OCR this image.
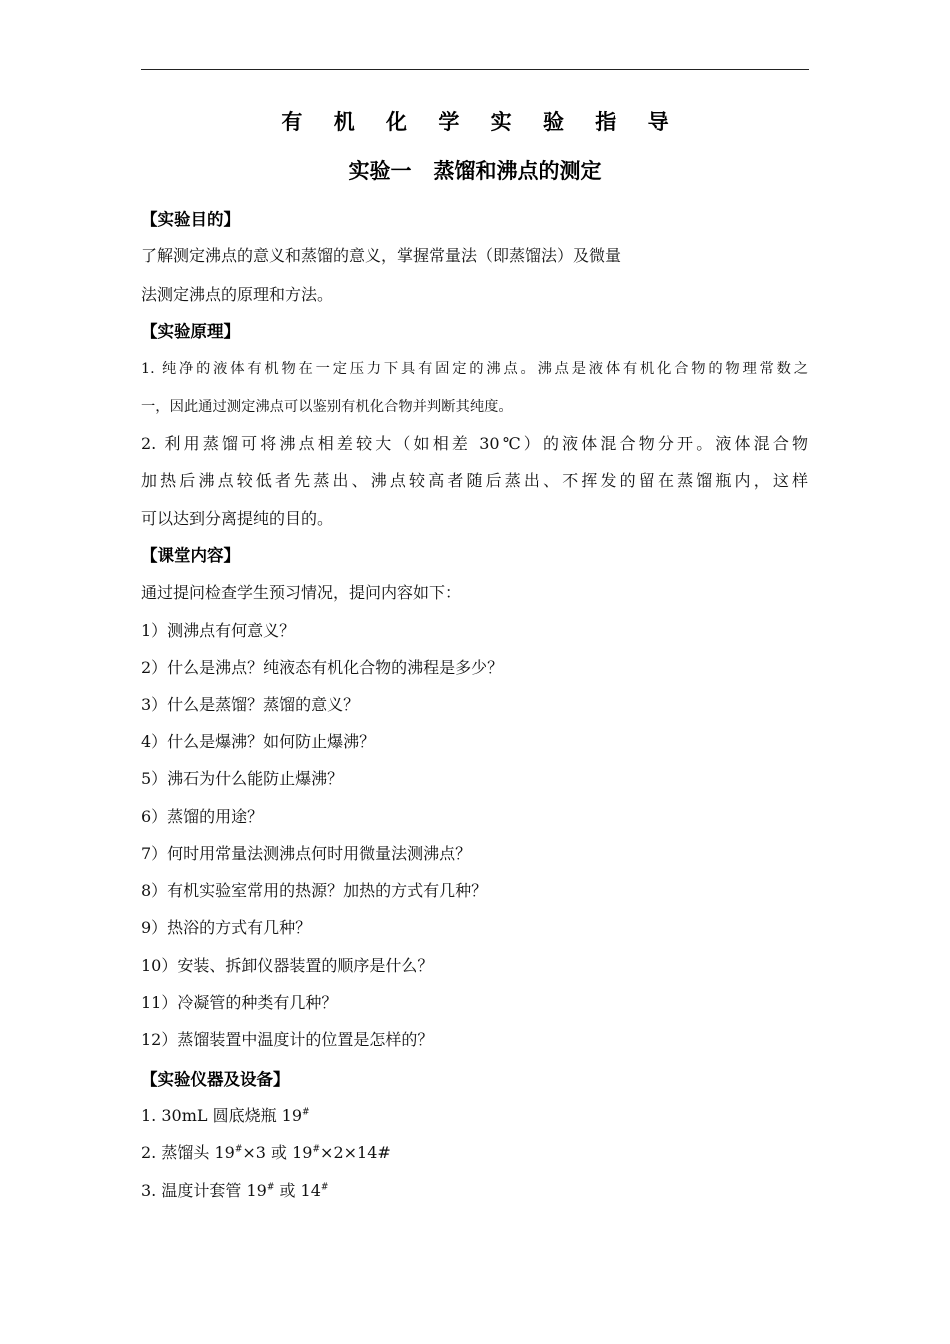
有 机 化 学 实 验 指 导
实验一 蒸馏和沸点的测定
【实验目的】
了解测定沸点的意义和蒸馏的意义，掌握常量法（即蒸馏法）及微量
法测定沸点的原理和方法。
【实验原理】
1. 纯净的液体有机物在一定压力下具有固定的沸点。沸点是液体有机化合物的物理常数之
一，因此通过测定沸点可以鉴别有机化合物并判断其纯度。
2. 利用蒸馏可将沸点相差较大（如相差 30℃）的液体混合物分开。液体混合物
加热后沸点较低者先蒸出、沸点较高者随后蒸出、不挥发的留在蒸馏瓶内，这样
可以达到分离提纯的目的。
【课堂内容】
通过提问检查学生预习情况，提问内容如下：
1）测沸点有何意义？
2）什么是沸点？纯液态有机化合物的沸程是多少？
3）什么是蒸馏？蒸馏的意义？
4）什么是爆沸？如何防止爆沸？
5）沸石为什么能防止爆沸？
6）蒸馏的用途？
7）何时用常量法测沸点何时用微量法测沸点？
8）有机实验室常用的热源？加热的方式有几种？
9）热浴的方式有几种？
10）安装、拆卸仪器装置的顺序是什么？
11）冷凝管的种类有几种？
12）蒸馏装置中温度计的位置是怎样的？
【实验仪器及设备】
1. 30mL 圆底烧瓶 19#
2. 蒸馏头 19#×3 或 19#×2×14#
3. 温度计套管 19# 或 14#
